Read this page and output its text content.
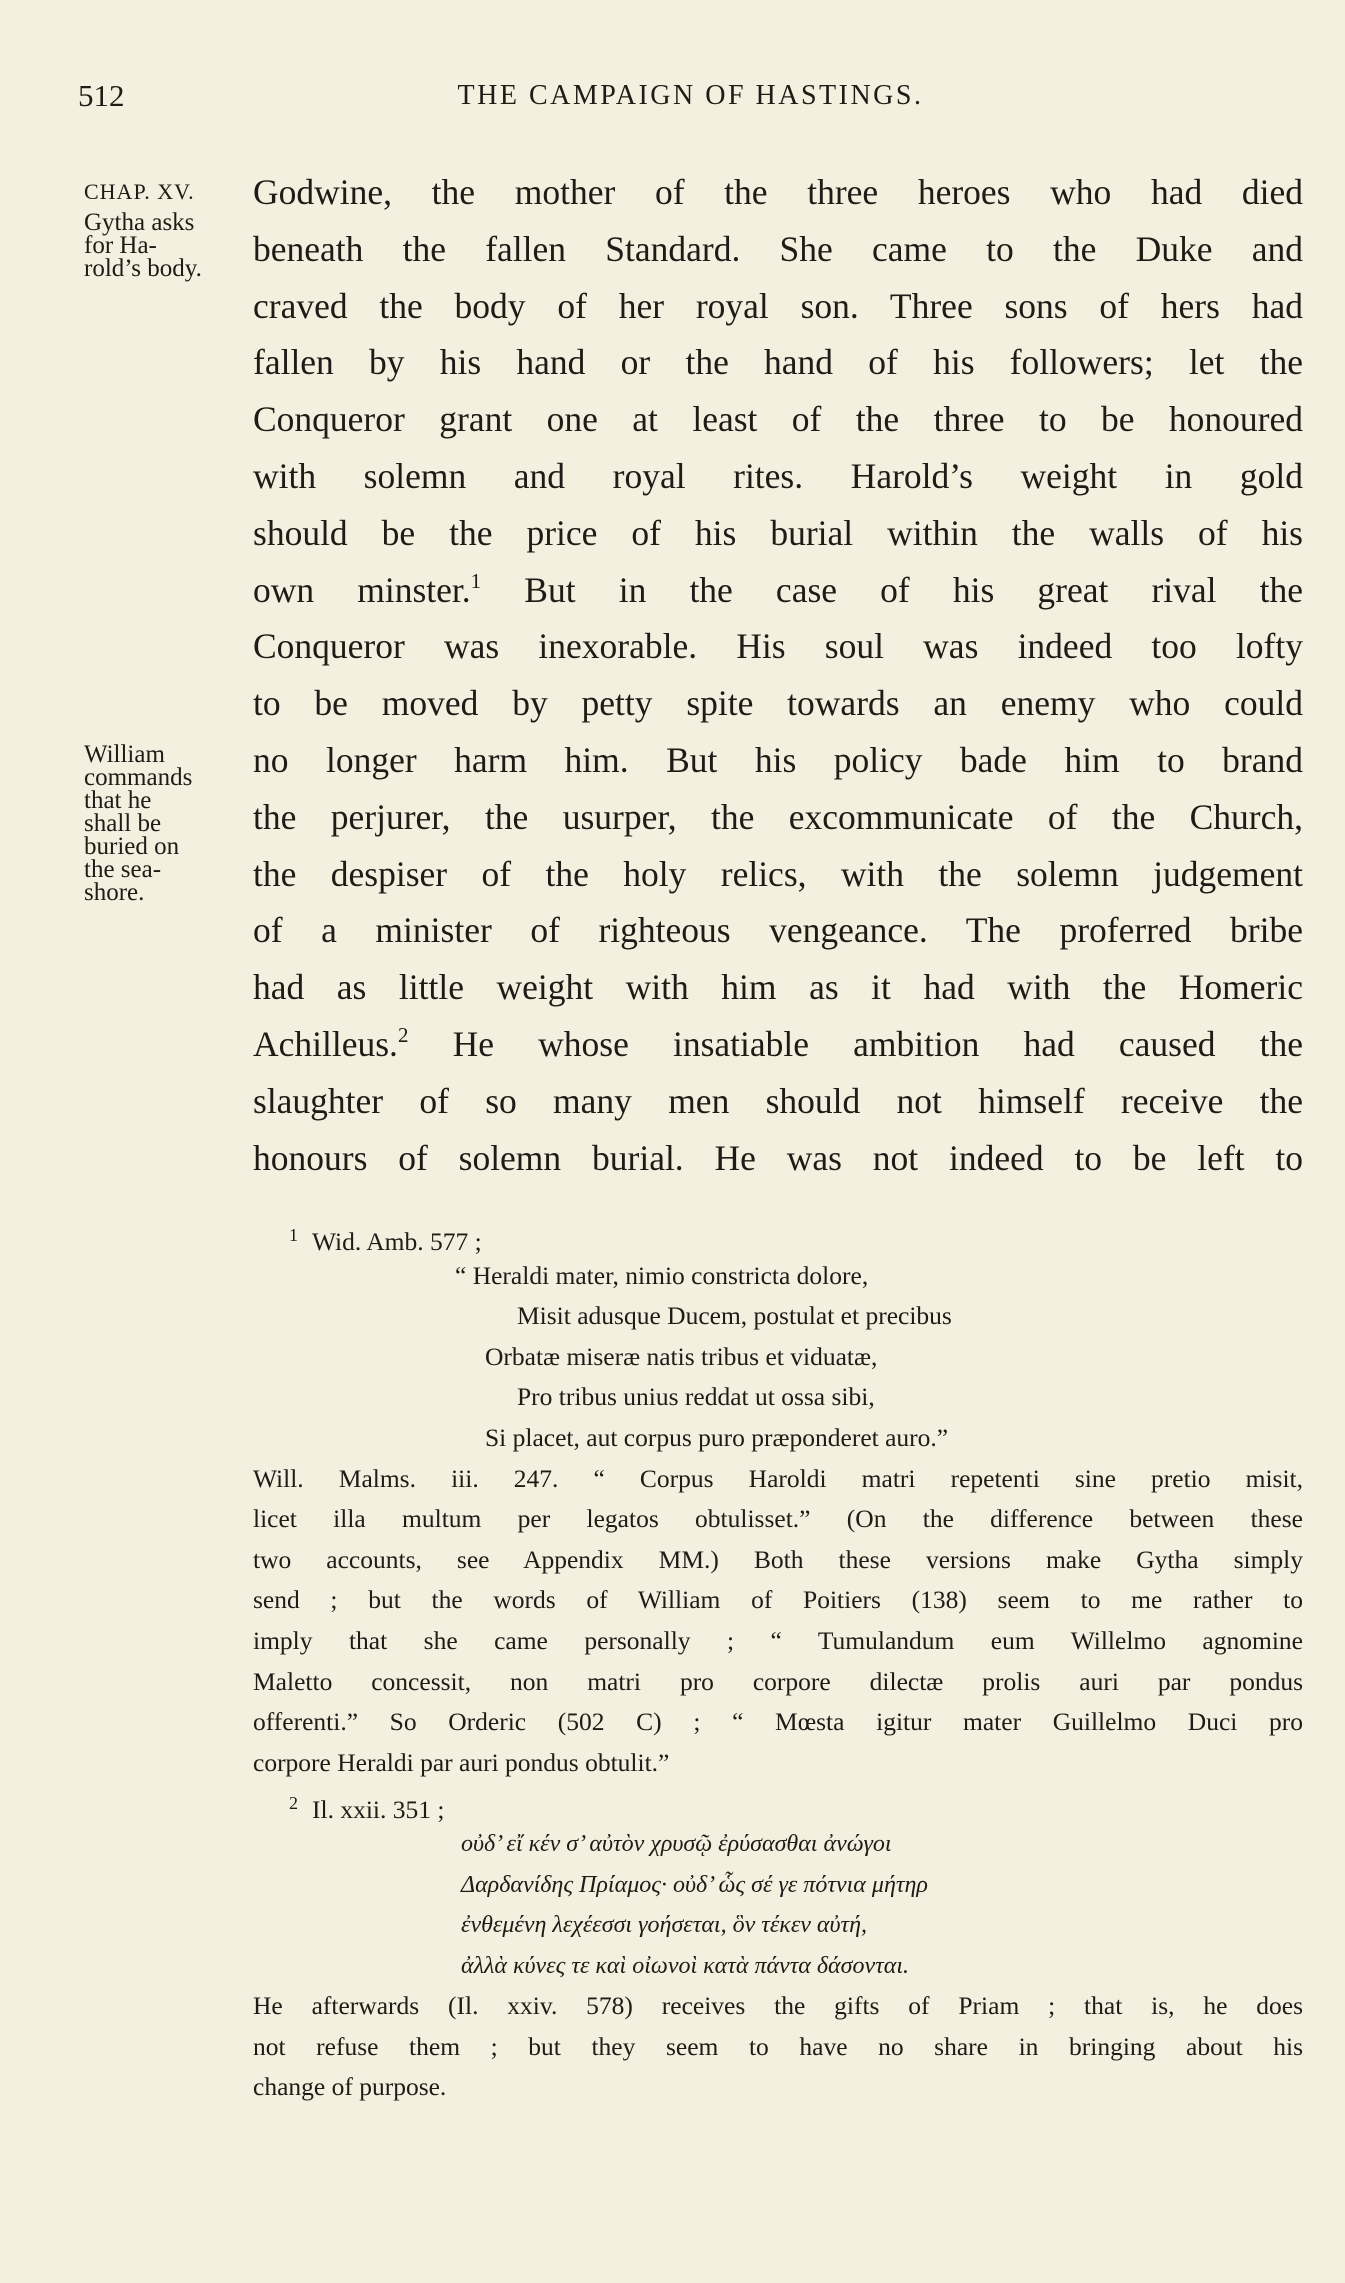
512	THE CAMPAIGN OF HASTINGS.
CHAP. XV.
Gytha asks
for Ha-
rold’s body.
William
commands
that he
shall be
buried on
the sea-
shore.
Godwine, the mother of the three heroes who had died
beneath the fallen Standard. She came to the Duke and
craved the body of her royal son. Three sons of hers had
fallen by his hand or the hand of his followers; let the
Conqueror grant one at least of the three to be honoured
with solemn and royal rites. Harold’s weight in gold
should be the price of his burial within the walls of his
own minster.$^1$ But in the case of his great rival the
Conqueror was inexorable. His soul was indeed too lofty
to be moved by petty spite towards an enemy who could
no longer harm him. But his policy bade him to brand
the perjurer, the usurper, the excommunicate of the Church,
the despiser of the holy relics, with the solemn judgement
of a minister of righteous vengeance. The proferred bribe
had as little weight with him as it had with the Homeric
Achilleus.$^2$ He whose insatiable ambition had caused the
slaughter of so many men should not himself receive the
honours of solemn burial. He was not indeed to be left to
$^1$ Wid. Amb. 577 ;
“ Heraldi mater, nimio constricta dolore,
Misit adusque Ducem, postulat et precibus
Orbatæ miseræ natis tribus et viduatæ,
Pro tribus unius reddat ut ossa sibi,
Si placet, aut corpus puro præponderet auro.”
Will. Malms. iii. 247. “ Corpus Haroldi matri repetenti sine pretio misit,
licet illa multum per legatos obtulisset.” (On the difference between these
two accounts, see Appendix MM.) Both these versions make Gytha simply
send ; but the words of William of Poitiers (138) seem to me rather to
imply that she came personally ; “ Tumulandum eum Willelmo agnomine
Maletto concessit, non matri pro corpore dilectæ prolis auri par pondus
offerenti.” So Orderic (502 C) ; “ Mœsta igitur mater Guillelmo Duci pro
corpore Heraldi par auri pondus obtulit.”
$^2$ Il. xxii. 351 ;
οὐδ’ εἴ κέν σ’ αὐτὸν χρυσῷ ἐρύσασθαι ἀνώγοι
Δαρδανίδης Πρίαμος· οὐδ’ ὧς σέ γε πότνια μήτηρ
ἐνθεμένη λεχέεσσι γοήσεται, ὃν τέκεν αὐτή,
ἀλλὰ κύνες τε καὶ οἰωνοὶ κατὰ πάντα δάσονται.
He afterwards (Il. xxiv. 578) receives the gifts of Priam ; that is, he does
not refuse them ; but they seem to have no share in bringing about his
change of purpose.
